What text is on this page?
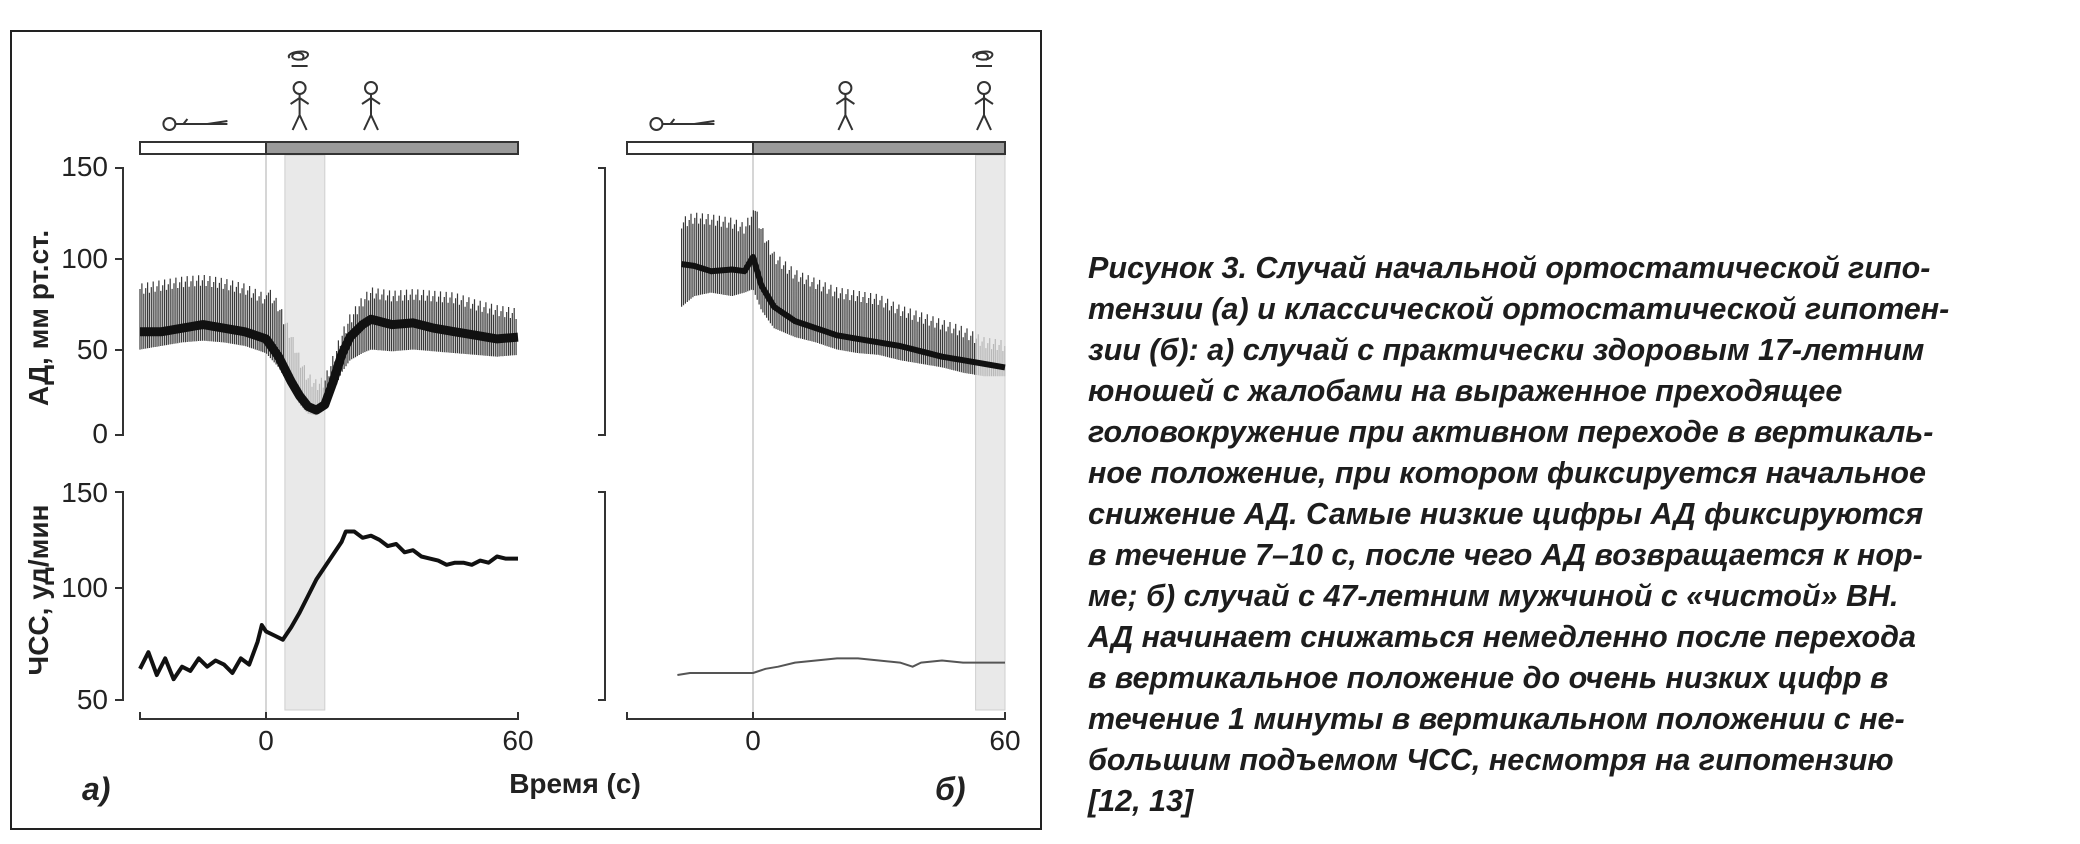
АД, мм рт.ст.
ЧСС, уд/мин
Время (с)
150
100
50
0
150
100
50
0	60	0	60
а)	б)
Рисунок 3. Случай начальной ортостатической гипо-
тензии (а) и классической ортостатической гипотен-
зии (б): а) случай с практически здоровым 17-летним
юношей с жалобами на выраженное преходящее
головокружение при активном переходе в вертикаль-
ное положение, при котором фиксируется начальное
снижение АД. Самые низкие цифры АД фиксируются
в течение 7–10 с, после чего АД возвращается к нор-
ме; б) случай с 47-летним мужчиной с «чистой» ВН.
АД начинает снижаться немедленно после перехода
в вертикальное положение до очень низких цифр в
течение 1 минуты в вертикальном положении с не-
большим подъемом ЧСС, несмотря на гипотензию
[12, 13]
